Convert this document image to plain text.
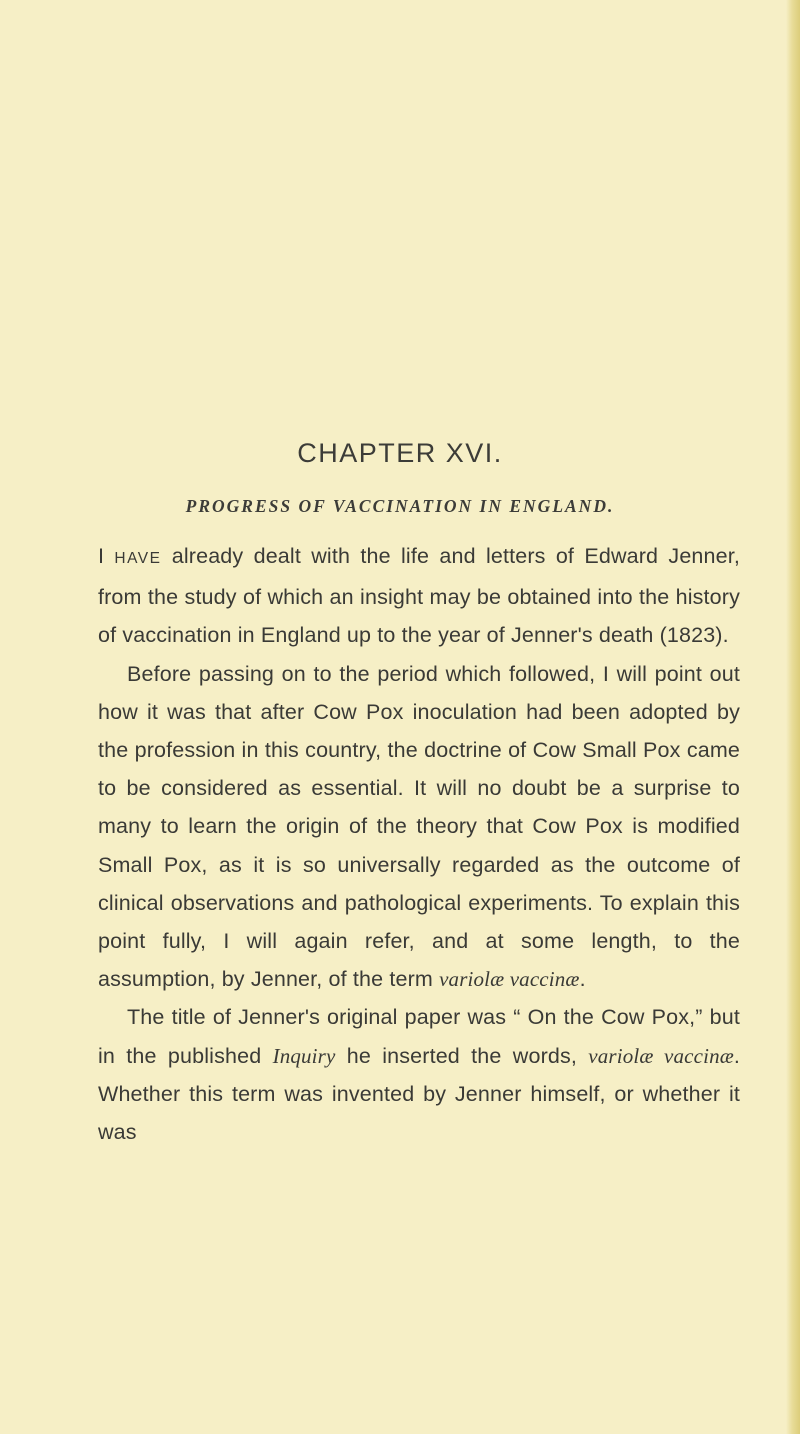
CHAPTER XVI.
PROGRESS OF VACCINATION IN ENGLAND.

I HAVE already dealt with the life and letters of Edward Jenner, from the study of which an insight may be obtained into the history of vaccination in England up to the year of Jenner's death (1823).

Before passing on to the period which followed, I will point out how it was that after Cow Pox inoculation had been adopted by the profession in this country, the doctrine of Cow Small Pox came to be considered as essential. It will no doubt be a surprise to many to learn the origin of the theory that Cow Pox is modified Small Pox, as it is so universally regarded as the outcome of clinical observations and pathological experiments. To explain this point fully, I will again refer, and at some length, to the assumption, by Jenner, of the term variolæ vaccinæ.

The title of Jenner's original paper was “ On the Cow Pox,” but in the published Inquiry he inserted the words, variolæ vaccinæ. Whether this term was invented by Jenner himself, or whether it was
